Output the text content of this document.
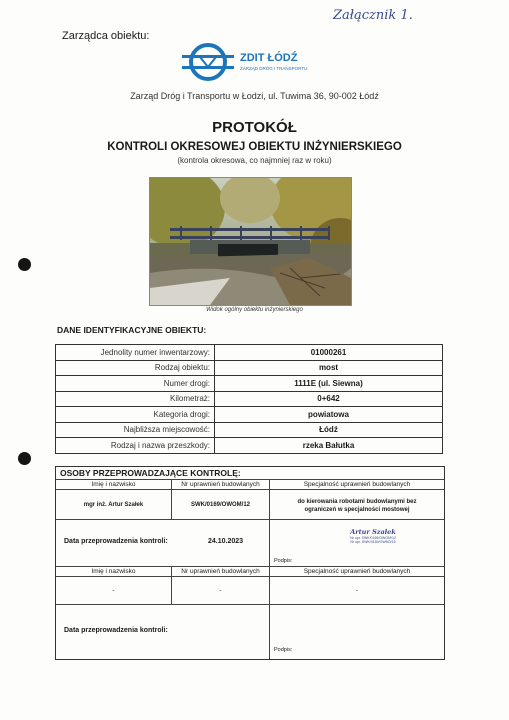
Załącznik 1.
Zarządca obiektu:
ZDIT ŁÓDŹ
ZARZĄD DRÓG I TRANSPORTU
Zarząd Dróg i Transportu w Łodzi, ul. Tuwima 36, 90-002 Łódź
PROTOKÓŁ
KONTROLI OKRESOWEJ OBIEKTU INŻYNIERSKIEGO
(kontrola okresowa, co najmniej raz w roku)
Widok ogólny obiektu inżynierskiego
DANE IDENTYFIKACYJNE OBIEKTU:
Jednolity numer inwentarzowy:	01000261
Rodzaj obiektu:	most
Numer drogi:	1111E (ul. Siewna)
Kilometraż:	0+642
Kategoria drogi:	powiatowa
Najbliższa miejscowość:	Łódź
Rodzaj i nazwa przeszkody:	rzeka Bałutka
OSOBY PRZEPROWADZAJĄCE KONTROLĘ:
Imię i nazwisko	Nr uprawnień budowlanych	Specjalność uprawnień budowlanych
mgr inż. Artur Szałek	SWK/0169/OWOM/12	do kierowania robotami budowlanymi bez ograniczeń w specjalności mostowej
Data przeprowadzenia kontroli:	24.10.2023
Artur Szałek
Nr upr. SWK/0169/OWOM/12
Nr upr. SWK/0169/OWBO/15
Podpis:
Imię i nazwisko	Nr uprawnień budowlanych	Specjalność uprawnień budowlanych
-	-	-
Data przeprowadzenia kontroli:
Podpis:
